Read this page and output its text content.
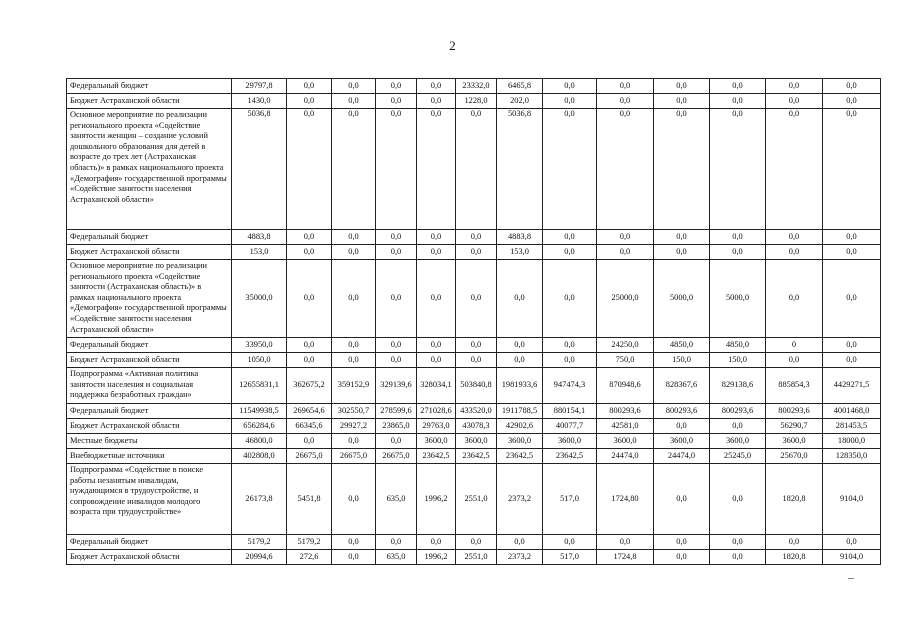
2
Федеральный бюджет	29797,8	0,0	0,0	0,0	0,0	23332,0	6465,8	0,0	0,0	0,0	0,0	0,0	0,0
Бюджет Астраханской области	1430,0	0,0	0,0	0,0	0,0	1228,0	202,0	0,0	0,0	0,0	0,0	0,0	0,0
Основное мероприятие по реализации регионального проекта «Содействие занятости женщин – создание условий дошкольного образования для детей в возрасте до трех лет (Астраханская область)» в рамках национального проекта «Демография» государственной программы «Содействие занятости населения Астраханской области»	5036,8	0,0	0,0	0,0	0,0	0,0	5036,8	0,0	0,0	0,0	0,0	0,0	0,0
Федеральный бюджет	4883,8	0,0	0,0	0,0	0,0	0,0	4883,8	0,0	0,0	0,0	0,0	0,0	0,0
Бюджет Астраханской области	153,0	0,0	0,0	0,0	0,0	0,0	153,0	0,0	0,0	0,0	0,0	0,0	0,0
Основное мероприятие по реализации регионального проекта «Содействие занятости (Астраханская область)» в рамках национального проекта «Демография» государственной программы «Содействие занятости населения Астраханской области»	35000,0	0,0	0,0	0,0	0,0	0,0	0,0	0,0	25000,0	5000,0	5000,0	0,0	0,0
Федеральный бюджет	33950,0	0,0	0,0	0,0	0,0	0,0	0,0	0,0	24250,0	4850,0	4850,0	0	0,0
Бюджет Астраханской области	1050,0	0,0	0,0	0,0	0,0	0,0	0,0	0,0	750,0	150,0	150,0	0,0	0,0
Подпрограмма «Активная политика занятости населения и социальная поддержка безработных граждан»	12655831,1	362675,2	359152,9	329139,6	328034,1	503840,8	1981933,6	947474,3	870948,6	828367,6	829138,6	885854,3	4429271,5
Федеральный бюджет	11549938,5	269654,6	302550,7	278599,6	271028,6	433520,0	1911788,5	880154,1	800293,6	800293,6	800293,6	800293,6	4001468,0
Бюджет Астраханской области	656284,6	66345,6	29927,2	23865,0	29763,0	43078,3	42902,6	40077,7	42581,0	0,0	0,0	56290,7	281453,5
Местные бюджеты	46800,0	0,0	0,0	0,0	3600,0	3600,0	3600,0	3600,0	3600,0	3600,0	3600,0	3600,0	18000,0
Внебюджетные источники	402808,0	26675,0	26675,0	26675,0	23642,5	23642,5	23642,5	23642,5	24474,0	24474,0	25245,0	25670,0	128350,0
Подпрограмма «Содействие в поиске работы незанятым инвалидам, нуждающимся в трудоустройстве, и сопровождение инвалидов молодого возраста при трудоустройстве»	26173,8	5451,8	0,0	635,0	1996,2	2551,0	2373,2	517,0	1724,80	0,0	0,0	1820,8	9104,0
Федеральный бюджет	5179,2	5179,2	0,0	0,0	0,0	0,0	0,0	0,0	0,0	0,0	0,0	0,0	0,0
Бюджет Астраханской области	20994,6	272,6	0,0	635,0	1996,2	2551,0	2373,2	517,0	1724,8	0,0	0,0	1820,8	9104,0
